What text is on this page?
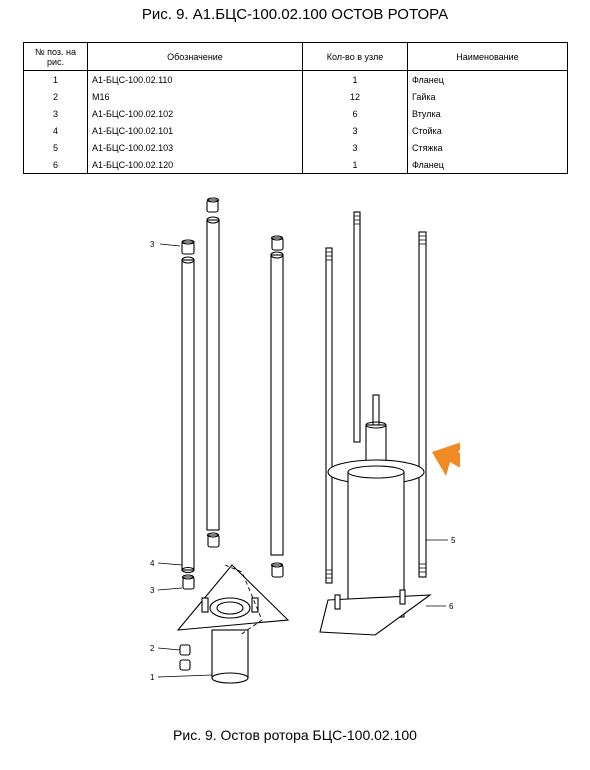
Рис. 9. А1.БЦС-100.02.100 ОСТОВ РОТОРА
№ поз. на рис.	Обозначение	Кол-во в узле	Наименование
1	А1-БЦС-100.02.110	1	Фланец
2	М16	12	Гайка
3	А1-БЦС-100.02.102	6	Втулка
4	А1-БЦС-100.02.101	3	Стойка
5	А1-БЦС-100.02.103	3	Стяжка
6	А1-БЦС-100.02.120	1	Фланец
3
4
3
2
1
5
6
Рис. 9. Остов ротора БЦС-100.02.100
